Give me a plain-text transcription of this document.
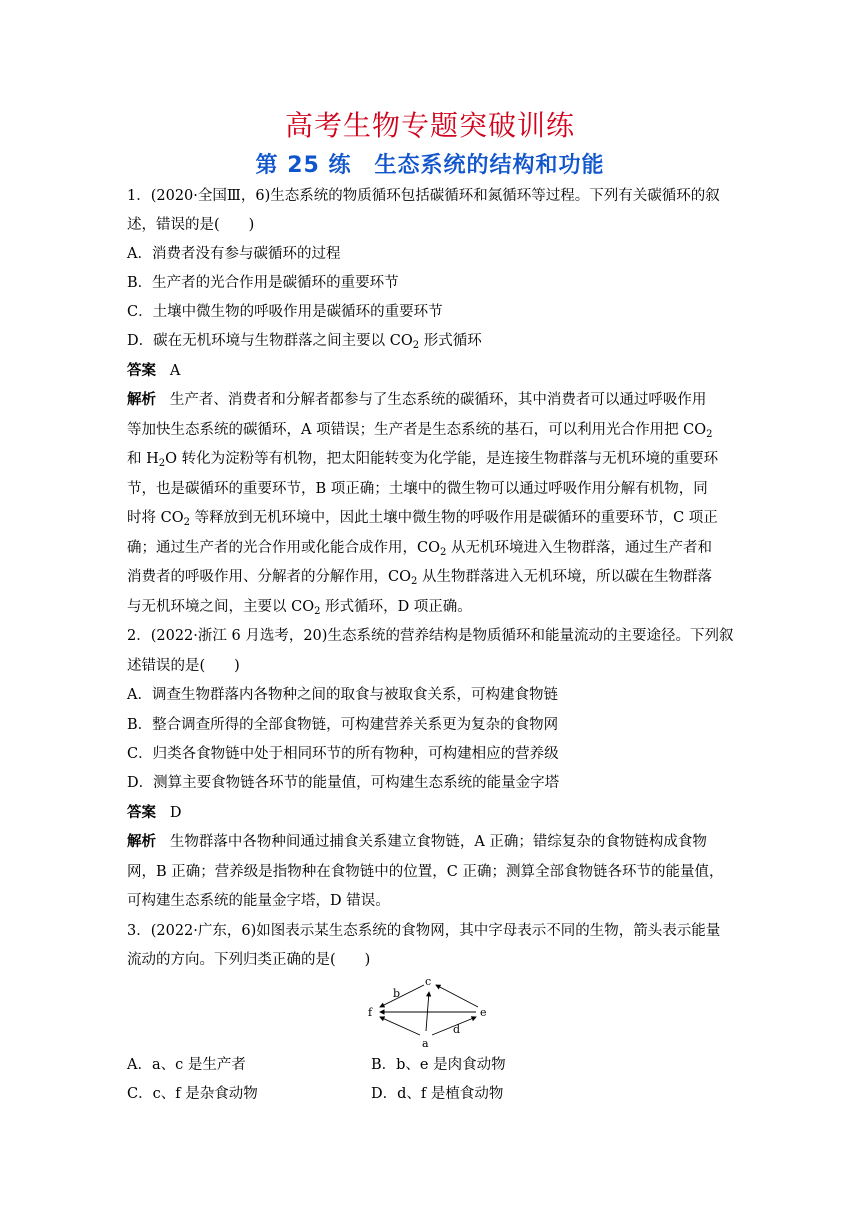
高考生物专题突破训练
第 25 练　生态系统的结构和功能
1．(2020·全国Ⅲ，6)生态系统的物质循环包括碳循环和氮循环等过程。下列有关碳循环的叙
述，错误的是(　　)
A．消费者没有参与碳循环的过程
B．生产者的光合作用是碳循环的重要环节
C．土壤中微生物的呼吸作用是碳循环的重要环节
D．碳在无机环境与生物群落之间主要以 $CO_2$ 形式循环
答案 A
解析 生产者、消费者和分解者都参与了生态系统的碳循环，其中消费者可以通过呼吸作用
等加快生态系统的碳循环，A 项错误；生产者是生态系统的基石，可以利用光合作用把 $CO_2$
和 $H_2O$ 转化为淀粉等有机物，把太阳能转变为化学能，是连接生物群落与无机环境的重要环
节，也是碳循环的重要环节，B 项正确；土壤中的微生物可以通过呼吸作用分解有机物，同
时将 $CO_2$ 等释放到无机环境中，因此土壤中微生物的呼吸作用是碳循环的重要环节，C 项正
确；通过生产者的光合作用或化能合成作用，$CO_2$ 从无机环境进入生物群落，通过生产者和
消费者的呼吸作用、分解者的分解作用，$CO_2$ 从生物群落进入无机环境，所以碳在生物群落
与无机环境之间，主要以 $CO_2$ 形式循环，D 项正确。
2．(2022·浙江 6 月选考，20)生态系统的营养结构是物质循环和能量流动的主要途径。下列叙
述错误的是(　　)
A．调查生物群落内各物种之间的取食与被取食关系，可构建食物链
B．整合调查所得的全部食物链，可构建营养关系更为复杂的食物网
C．归类各食物链中处于相同环节的所有物种，可构建相应的营养级
D．测算主要食物链各环节的能量值，可构建生态系统的能量金字塔
答案 D
解析 生物群落中各物种间通过捕食关系建立食物链，A 正确；错综复杂的食物链构成食物
网，B 正确；营养级是指物种在食物链中的位置，C 正确；测算全部食物链各环节的能量值，
可构建生态系统的能量金字塔，D 错误。
3．(2022·广东，6)如图表示某生态系统的食物网，其中字母表示不同的生物，箭头表示能量
流动的方向。下列归类正确的是(　　)
c
b
f	e
d
a
A．a、c 是生产者	B．b、e 是肉食动物
C．c、f 是杂食动物	D．d、f 是植食动物
